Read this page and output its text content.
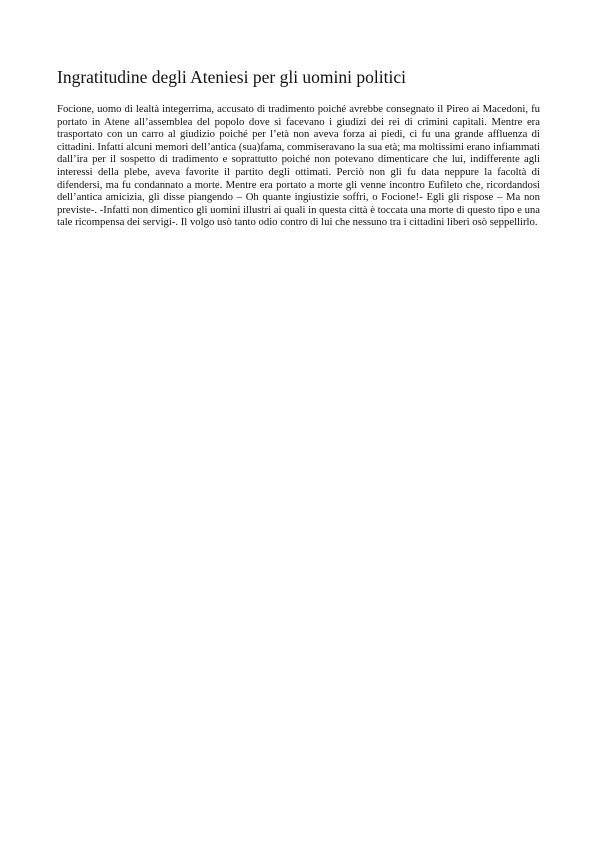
Ingratitudine degli Ateniesi per gli uomini politici

Focione, uomo di lealtà integerrima, accusato di tradimento poiché avrebbe consegnato il Pireo ai Macedoni, fu portato in Atene all’assemblea del popolo dove si facevano i giudizi dei rei di crimini capitali. Mentre era trasportato con un carro al giudizio poiché per l’età non aveva forza ai piedi, ci fu una grande affluenza di cittadini. Infatti alcuni memori dell’antica (sua)fama, commiseravano la sua età; ma moltissimi erano infiammati dall’ira per il sospetto di tradimento e soprattutto poiché non potevano dimenticare che lui, indifferente agli interessi della plebe, aveva favorite il partito degli ottimati. Perciò non gli fu data neppure la facoltà di difendersi, ma fu condannato a morte. Mentre era portato a morte gli venne incontro Eufileto che, ricordandosi dell’antica amicizia, gli disse piangendo – Oh quante ingiustizie soffri, o Focione!- Egli gli rispose – Ma non previste-. -Infatti non dimentico gli uomini illustri ai quali in questa città è toccata una morte di questo tipo e una tale ricompensa dei servigi-. Il volgo usò tanto odio contro di lui che nessuno tra i cittadini liberi osò seppellirlo.
